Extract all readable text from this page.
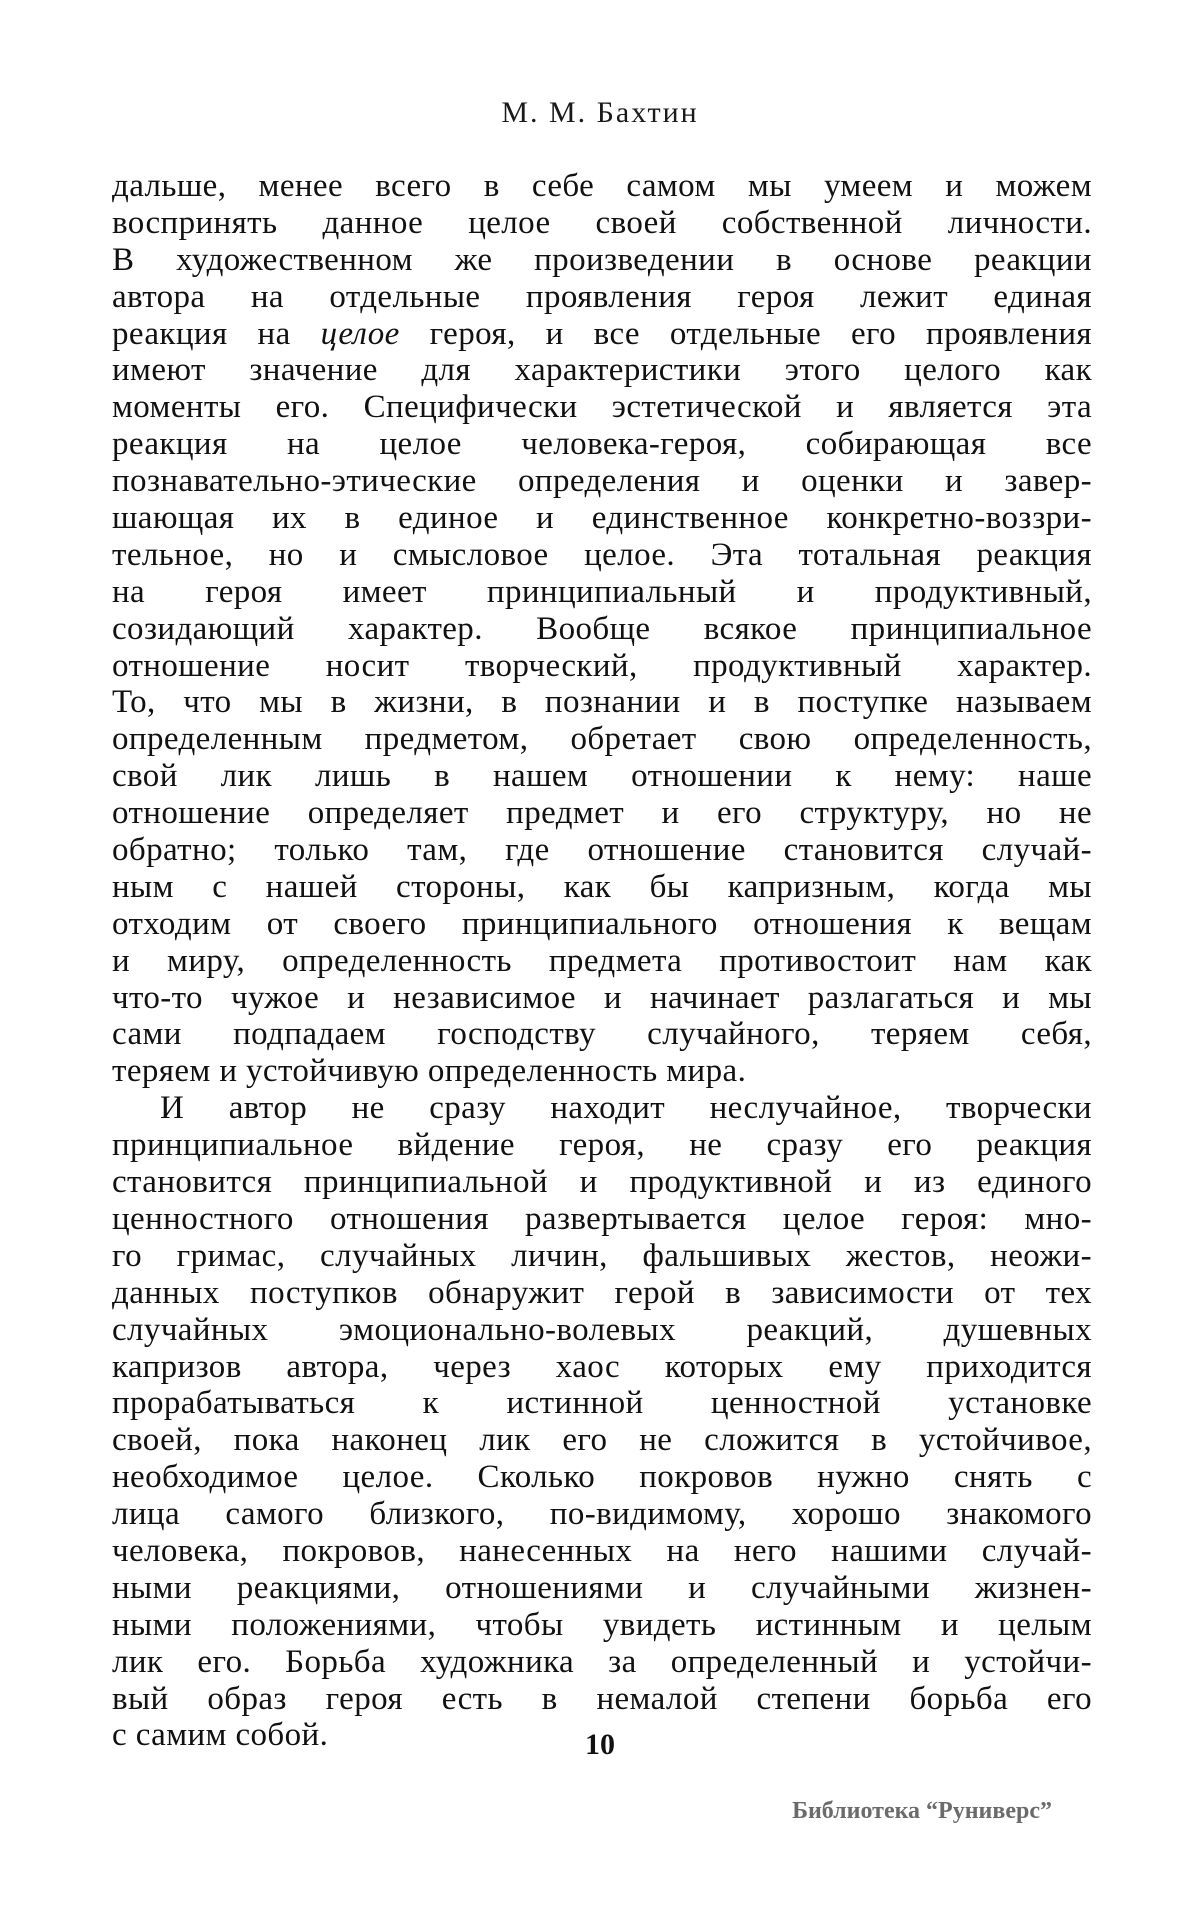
М. М. Бахтин
дальше, менее всего в себе самом мы умеем и можем
воспринять данное целое своей собственной личности.
В художественном же произведении в основе реакции
автора на отдельные проявления героя лежит единая
реакция на целое героя, и все отдельные его проявления
имеют значение для характеристики этого целого как
моменты его. Специфически эстетической и является эта
реакция на целое человека-героя, собирающая все
познавательно-этические определения и оценки и завер-
шающая их в единое и единственное конкретно-воззри-
тельное, но и смысловое целое. Эта тотальная реакция
на героя имеет принципиальный и продуктивный,
созидающий характер. Вообще всякое принципиальное
отношение носит творческий, продуктивный характер.
То, что мы в жизни, в познании и в поступке называем
определенным предметом, обретает свою определенность,
свой лик лишь в нашем отношении к нему: наше
отношение определяет предмет и его структуру, но не
обратно; только там, где отношение становится случай-
ным с нашей стороны, как бы капризным, когда мы
отходим от своего принципиального отношения к вещам
и миру, определенность предмета противостоит нам как
что-то чужое и независимое и начинает разлагаться и мы
сами подпадаем господству случайного, теряем себя,
теряем и устойчивую определенность мира.
И автор не сразу находит неслучайное, творчески
принципиальное вйдение героя, не сразу его реакция
становится принципиальной и продуктивной и из единого
ценностного отношения развертывается целое героя: мно-
го гримас, случайных личин, фальшивых жестов, неожи-
данных поступков обнаружит герой в зависимости от тех
случайных эмоционально-волевых реакций, душевных
капризов автора, через хаос которых ему приходится
прорабатываться к истинной ценностной установке
своей, пока наконец лик его не сложится в устойчивое,
необходимое целое. Сколько покровов нужно снять с
лица самого близкого, по-видимому, хорошо знакомого
человека, покровов, нанесенных на него нашими случай-
ными реакциями, отношениями и случайными жизнен-
ными положениями, чтобы увидеть истинным и целым
лик его. Борьба художника за определенный и устойчи-
вый образ героя есть в немалой степени борьба его
с самим собой.	10
Библиотека “Руниверс”
